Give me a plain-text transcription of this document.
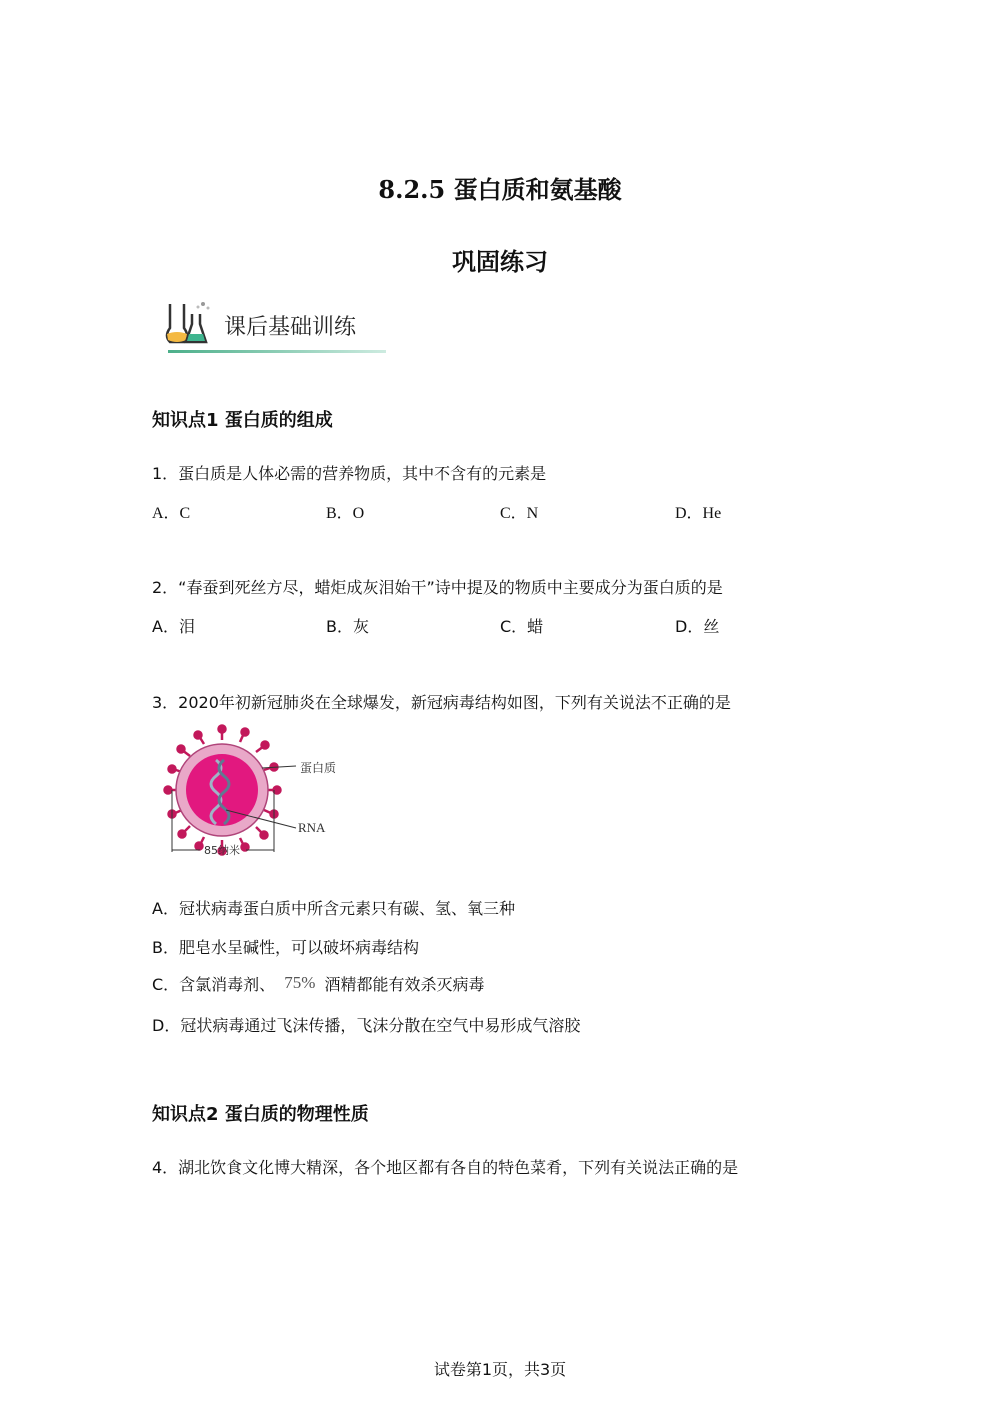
8.2.5 蛋白质和氨基酸
巩固练习
课后基础训练
知识点1 蛋白质的组成
1．蛋白质是人体必需的营养物质，其中不含有的元素是
A．C	B．O	C．N	D．He
2．“春蚕到死丝方尽，蜡炬成灰泪始干”诗中提及的物质中主要成分为蛋白质的是
A．泪	B．灰	C．蜡	D．丝
3．2020年初新冠肺炎在全球爆发，新冠病毒结构如图，下列有关说法不正确的是
蛋白质
RNA
85纳米
A．冠状病毒蛋白质中所含元素只有碳、氢、氧三种
B．肥皂水呈碱性，可以破坏病毒结构
C．含氯消毒剂、 75% 酒精都能有效杀灭病毒
D．冠状病毒通过飞沫传播，飞沫分散在空气中易形成气溶胶
知识点2 蛋白质的物理性质
4．湖北饮食文化博大精深，各个地区都有各自的特色菜肴，下列有关说法正确的是
试卷第1页，共3页
